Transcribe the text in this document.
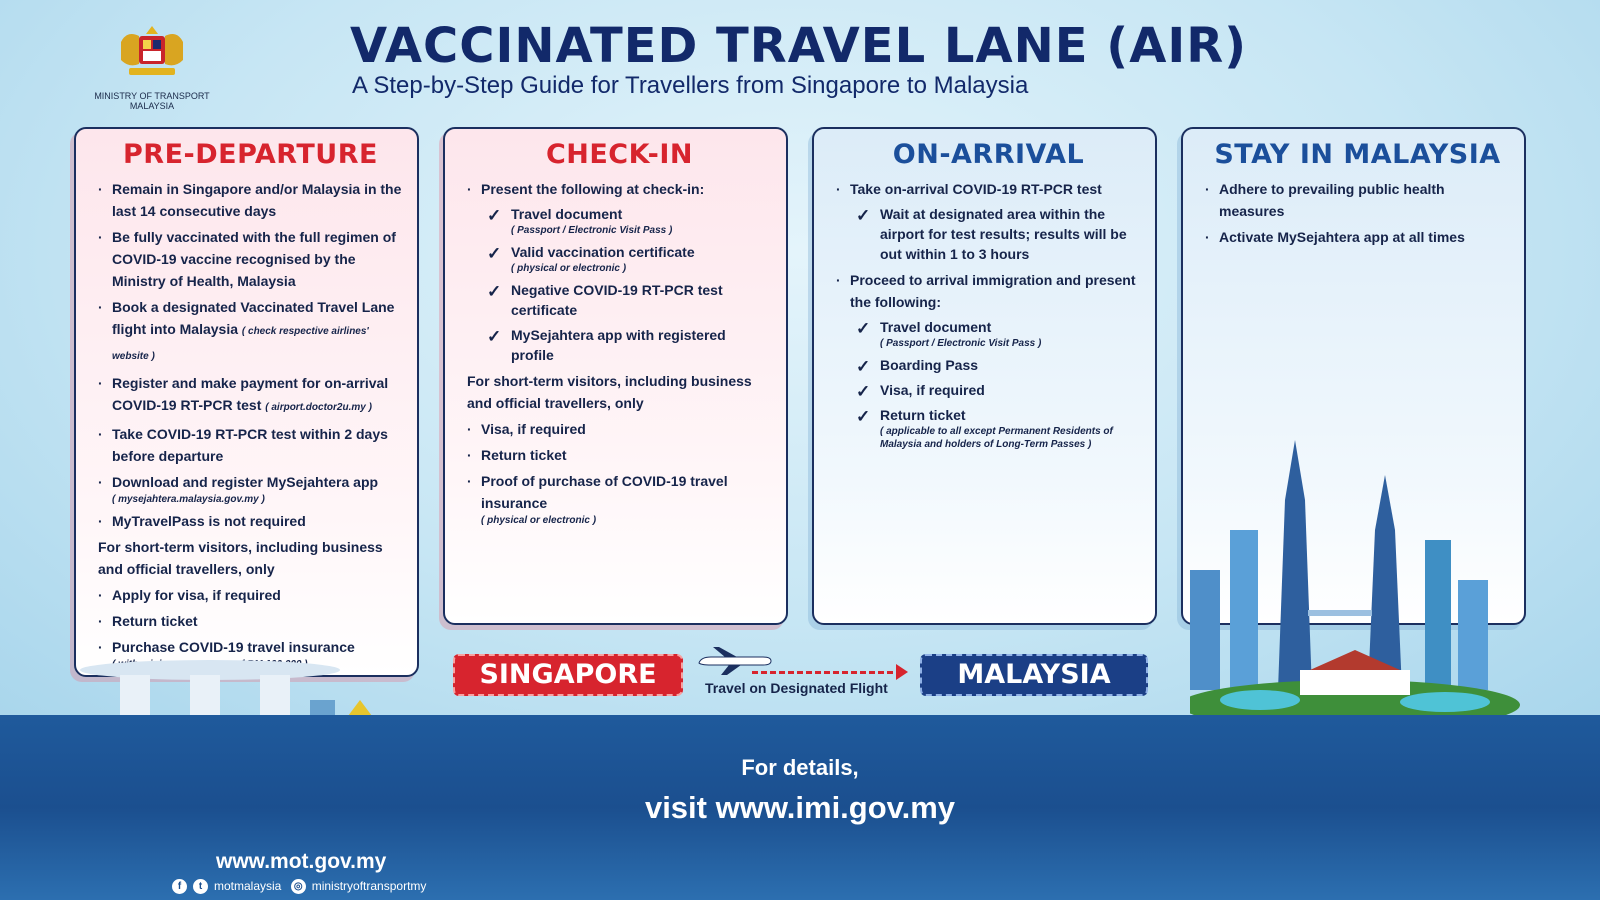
MINISTRY OF TRANSPORT MALAYSIA
VACCINATED TRAVEL LANE (AIR)
A Step-by-Step Guide for Travellers from Singapore to Malaysia
PRE-DEPARTURE
· Remain in Singapore and/or Malaysia in the last 14 consecutive days
· Be fully vaccinated with the full regimen of COVID-19 vaccine recognised by the Ministry of Health, Malaysia
· Book a designated Vaccinated Travel Lane flight into Malaysia ( check respective airlines' website )
· Register and make payment for on-arrival COVID-19 RT-PCR test ( airport.doctor2u.my )
· Take COVID-19 RT-PCR test within 2 days before departure
· Download and register MySejahtera app
( mysejahtera.malaysia.gov.my )
· MyTravelPass is not required
For short-term visitors, including business and official travellers, only
· Apply for visa, if required
· Return ticket
· Purchase COVID-19 travel insurance
CHECK-IN
· Present the following at check-in:
✓ Travel document
( Passport / Electronic Visit Pass )
✓ Valid vaccination certificate
( physical or electronic )
✓ Negative COVID-19 RT-PCR test certificate
✓ MySejahtera app with registered profile
For short-term visitors, including business and official travellers, only
· Visa, if required
· Return ticket
· Proof of purchase of COVID-19 travel insurance
( physical or electronic )
ON-ARRIVAL
· Take on-arrival COVID-19 RT-PCR test
✓ Wait at designated area within the airport for test results; results will be out within 1 to 3 hours
· Proceed to arrival immigration and present the following:
✓ Travel document
( Passport / Electronic Visit Pass )
✓ Boarding Pass
✓ Visa, if required
✓ Return ticket
( applicable to all except Permanent Residents of Malaysia and holders of Long-Term Passes )
STAY IN MALAYSIA
· Adhere to prevailing public health measures
· Activate MySejahtera app at all times
SINGAPORE	Travel on Designated Flight	MALAYSIA
For details,
visit www.imi.gov.my
www.mot.gov.my
f t motmalaysia ◎ ministryoftransportmy
